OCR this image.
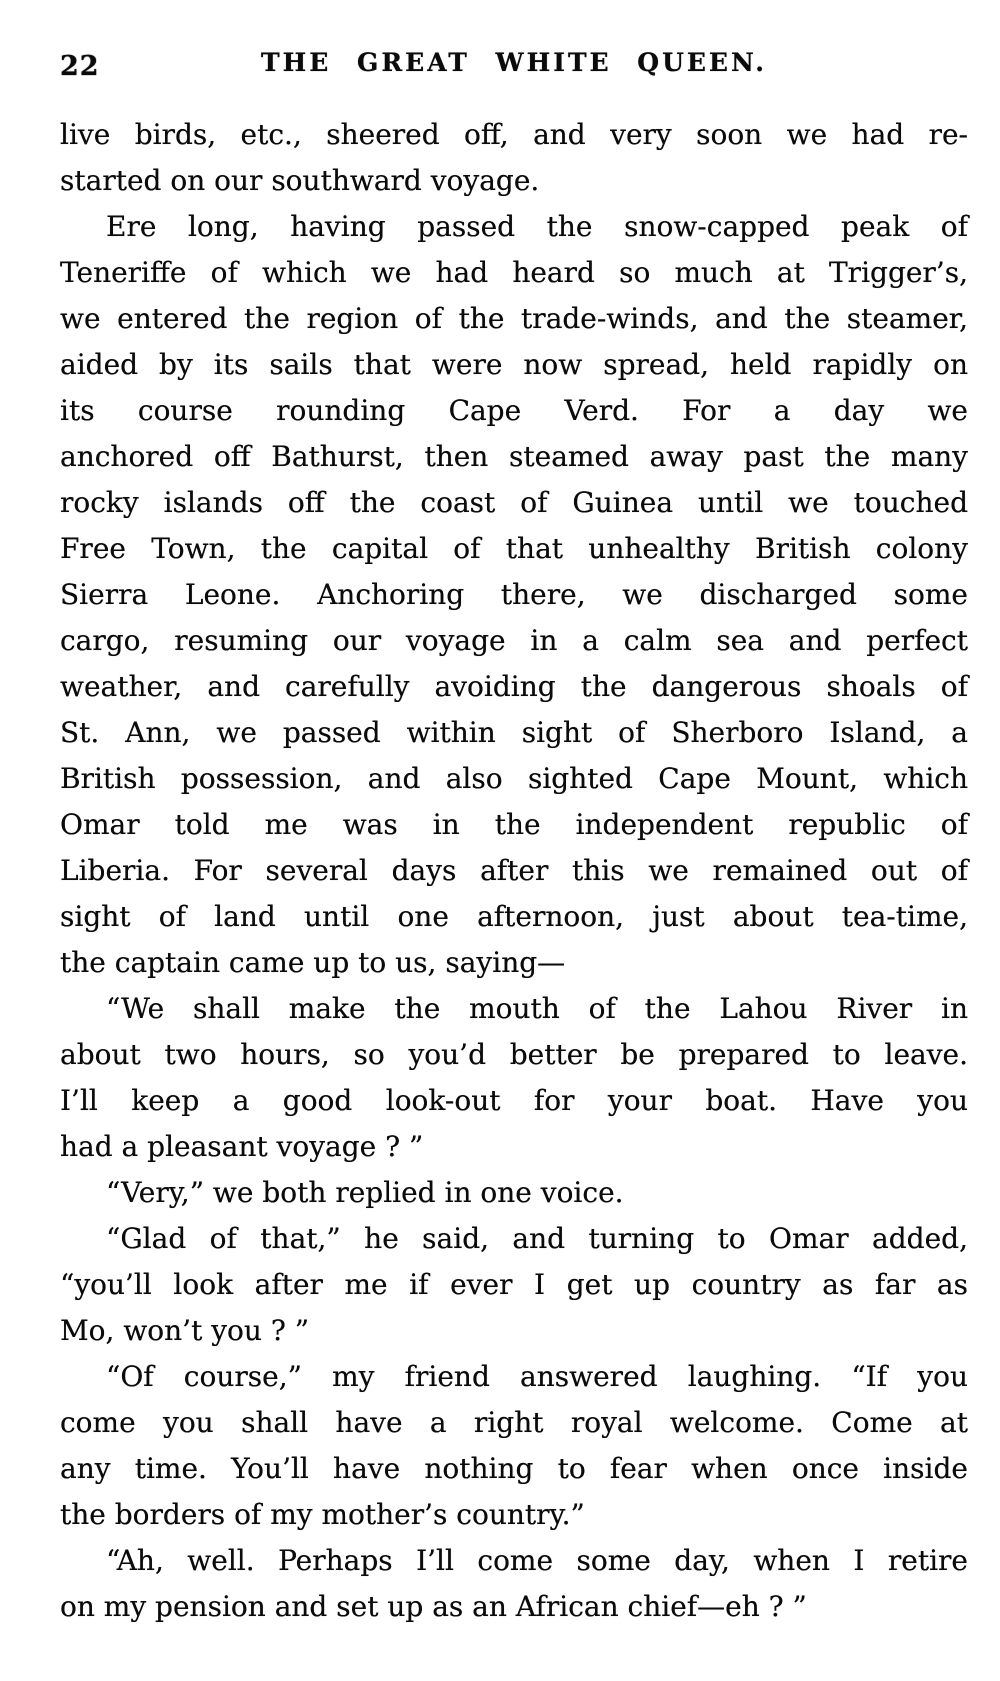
22	THE GREAT WHITE QUEEN.
live birds, etc., sheered off, and very soon we had re-
started on our southward voyage.
Ere long, having passed the snow-capped peak of
Teneriffe of which we had heard so much at Trigger’s,
we entered the region of the trade-winds, and the steamer,
aided by its sails that were now spread, held rapidly on
its course rounding Cape Verd. For a day we
anchored off Bathurst, then steamed away past the many
rocky islands off the coast of Guinea until we touched
Free Town, the capital of that unhealthy British colony
Sierra Leone. Anchoring there, we discharged some
cargo, resuming our voyage in a calm sea and perfect
weather, and carefully avoiding the dangerous shoals of
St. Ann, we passed within sight of Sherboro Island, a
British possession, and also sighted Cape Mount, which
Omar told me was in the independent republic of
Liberia. For several days after this we remained out of
sight of land until one afternoon, just about tea-time,
the captain came up to us, saying—
“We shall make the mouth of the Lahou River in
about two hours, so you’d better be prepared to leave.
I’ll keep a good look-out for your boat. Have you
had a pleasant voyage ? ”
“Very,” we both replied in one voice.
“Glad of that,” he said, and turning to Omar added,
“you’ll look after me if ever I get up country as far as
Mo, won’t you ? ”
“Of course,” my friend answered laughing. “If you
come you shall have a right royal welcome. Come at
any time. You’ll have nothing to fear when once inside
the borders of my mother’s country.”
“Ah, well. Perhaps I’ll come some day, when I retire
on my pension and set up as an African chief—eh ? ”
